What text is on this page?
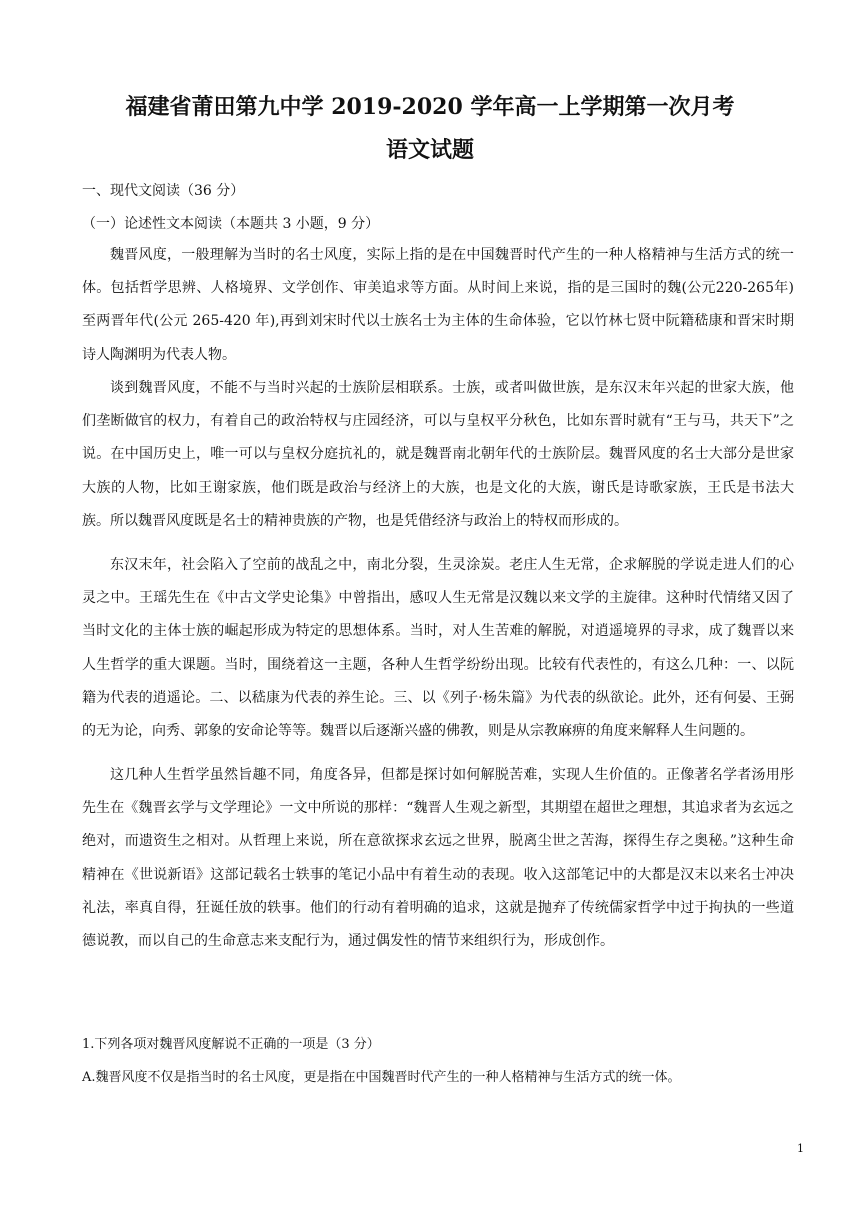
福建省莆田第九中学 2019-2020 学年高一上学期第一次月考
语文试题
一、现代文阅读（36 分）
（一）论述性文本阅读（本题共 3 小题，9 分）
魏晋风度，一般理解为当时的名士风度，实际上指的是在中国魏晋时代产生的一种人格精神与生活方式的统一体。包括哲学思辨、人格境界、文学创作、审美追求等方面。从时间上来说，指的是三国时的魏(公元220-265年)至两晋年代(公元 265-420 年),再到刘宋时代以士族名士为主体的生命体验，它以竹林七贤中阮籍嵇康和晋宋时期诗人陶渊明为代表人物。
谈到魏晋风度，不能不与当时兴起的士族阶层相联系。士族，或者叫做世族，是东汉末年兴起的世家大族，他们垄断做官的权力，有着自己的政治特权与庄园经济，可以与皇权平分秋色，比如东晋时就有“王与马，共天下”之说。在中国历史上，唯一可以与皇权分庭抗礼的，就是魏晋南北朝年代的士族阶层。魏晋风度的名士大部分是世家大族的人物，比如王谢家族，他们既是政治与经济上的大族，也是文化的大族，谢氏是诗歌家族，王氏是书法大族。所以魏晋风度既是名士的精神贵族的产物，也是凭借经济与政治上的特权而形成的。
东汉末年，社会陷入了空前的战乱之中，南北分裂，生灵涂炭。老庄人生无常，企求解脱的学说走进人们的心灵之中。王瑶先生在《中古文学史论集》中曾指出，感叹人生无常是汉魏以来文学的主旋律。这种时代情绪又因了当时文化的主体士族的崛起形成为特定的思想体系。当时，对人生苦难的解脱，对逍遥境界的寻求，成了魏晋以来人生哲学的重大课题。当时，围绕着这一主题，各种人生哲学纷纷出现。比较有代表性的，有这么几种：一、以阮籍为代表的逍遥论。二、以嵇康为代表的养生论。三、以《列子·杨朱篇》为代表的纵欲论。此外，还有何晏、王弼的无为论，向秀、郭象的安命论等等。魏晋以后逐渐兴盛的佛教，则是从宗教麻痹的角度来解释人生问题的。
这几种人生哲学虽然旨趣不同，角度各异，但都是探讨如何解脱苦难，实现人生价值的。正像著名学者汤用彤先生在《魏晋玄学与文学理论》一文中所说的那样：“魏晋人生观之新型，其期望在超世之理想，其追求者为玄远之绝对，而遗资生之相对。从哲理上来说，所在意欲探求玄远之世界，脱离尘世之苦海，探得生存之奥秘。”这种生命精神在《世说新语》这部记载名士轶事的笔记小品中有着生动的表现。收入这部笔记中的大都是汉末以来名士冲决礼法，率真自得，狂诞任放的轶事。他们的行动有着明确的追求，这就是抛弃了传统儒家哲学中过于拘执的一些道德说教，而以自己的生命意志来支配行为，通过偶发性的情节来组织行为，形成创作。
1.下列各项对魏晋风度解说不正确的一项是（3 分）
A.魏晋风度不仅是指当时的名士风度，更是指在中国魏晋时代产生的一种人格精神与生活方式的统一体。
1
